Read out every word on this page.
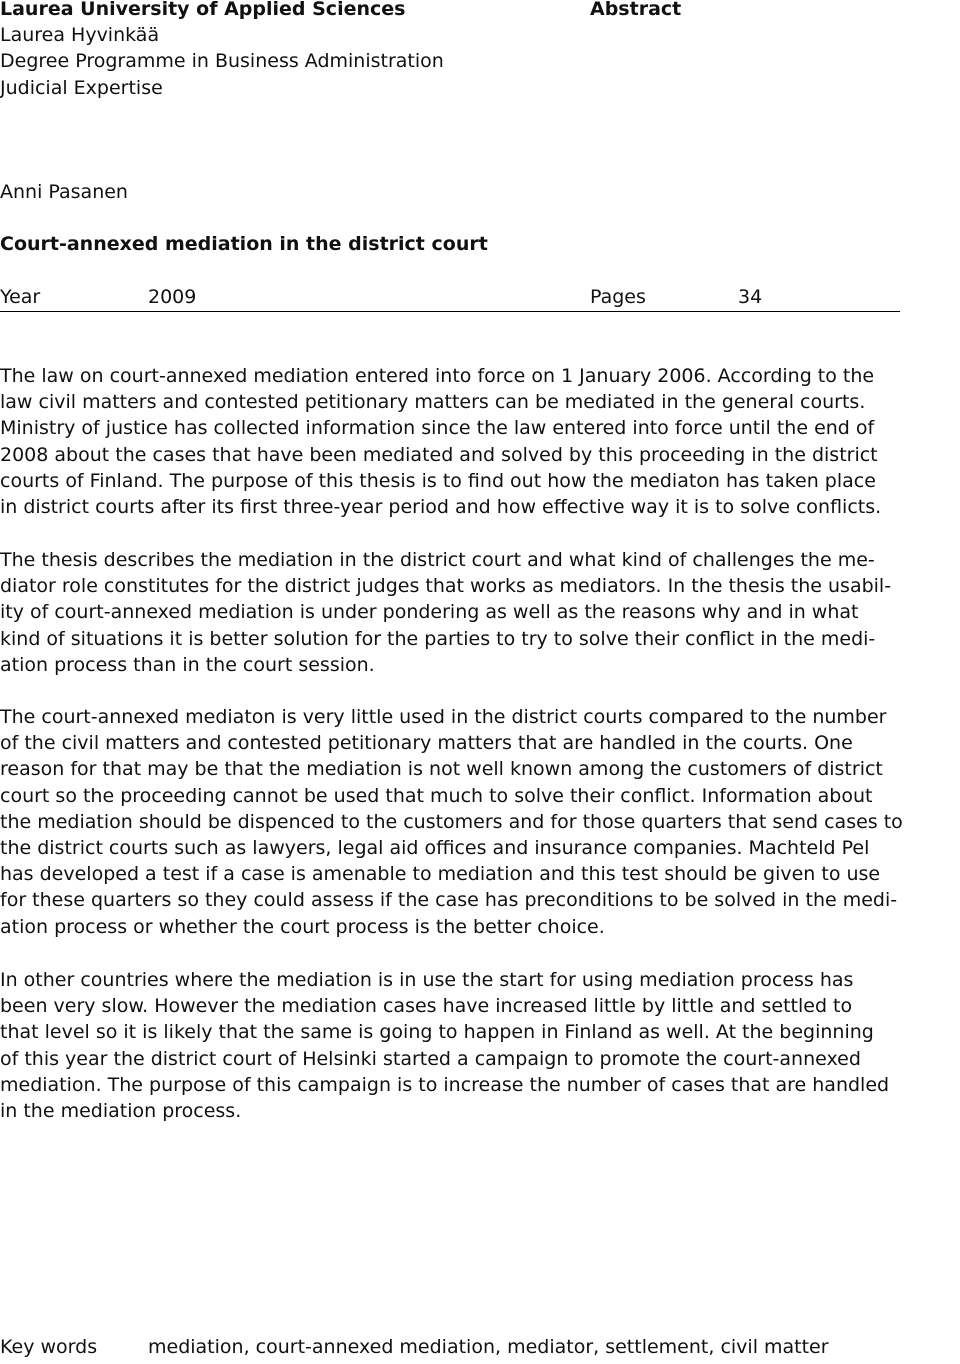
Laurea University of Applied Sciences
Laurea Hyvinkää
Degree Programme in Business Administration
Judicial Expertise
Abstract
Anni Pasanen
Court-annexed mediation in the district court
Year	2009	Pages	34
The law on court-annexed mediation entered into force on 1 January 2006. According to the
law civil matters and contested petitionary matters can be mediated in the general courts.
Ministry of justice has collected information since the law entered into force until the end of
2008 about the cases that have been mediated and solved by this proceeding in the district
courts of Finland. The purpose of this thesis is to find out how the mediaton has taken place
in district courts after its first three-year period and how effective way it is to solve conflicts.
The thesis describes the mediation in the district court and what kind of challenges the me-
diator role constitutes for the district judges that works as mediators. In the thesis the usabil-
ity of court-annexed mediation is under pondering as well as the reasons why and in what
kind of situations it is better solution for the parties to try to solve their conflict in the medi-
ation process than in the court session.
The court-annexed mediaton is very little used in the district courts compared to the number
of the civil matters and contested petitionary matters that are handled in the courts. One
reason for that may be that the mediation is not well known among the customers of district
court so the proceeding cannot be used that much to solve their conflict. Information about
the mediation should be dispenced to the customers and for those quarters that send cases to
the district courts such as lawyers, legal aid offices and insurance companies. Machteld Pel
has developed a test if a case is amenable to mediation and this test should be given to use
for these quarters so they could assess if the case has preconditions to be solved in the medi-
ation process or whether the court process is the better choice.
In other countries where the mediation is in use the start for using mediation process has
been very slow. However the mediation cases have increased little by little and settled to
that level so it is likely that the same is going to happen in Finland as well. At the beginning
of this year the district court of Helsinki started a campaign to promote the court-annexed
mediation. The purpose of this campaign is to increase the number of cases that are handled
in the mediation process.
Key words	mediation, court-annexed mediation, mediator, settlement, civil matter
